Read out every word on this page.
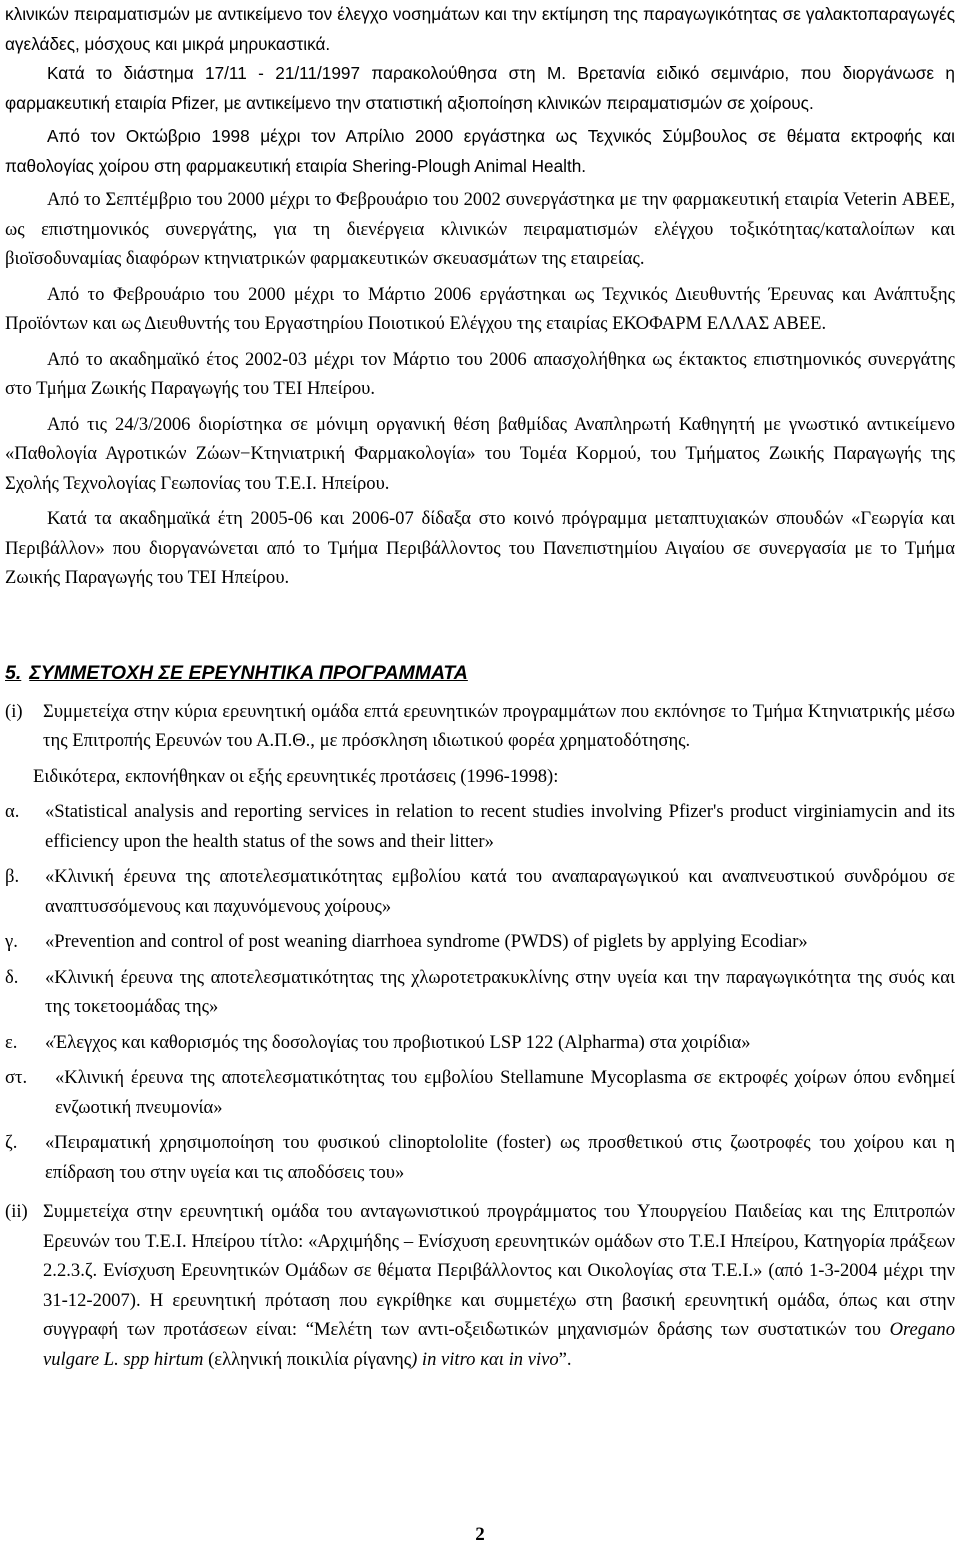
κλινικών πειραματισμών με αντικείμενο τον έλεγχο νοσημάτων και την εκτίμηση της παραγωγικότητας σε γαλακτοπαραγωγές αγελάδες, μόσχους και μικρά μηρυκαστικά.

Κατά το διάστημα 17/11 - 21/11/1997 παρακολούθησα στη Μ. Βρετανία ειδικό σεμινάριο, που διοργάνωσε η φαρμακευτική εταιρία Pfizer, με αντικείμενο την στατιστική αξιοποίηση κλινικών πειραματισμών σε χοίρους.

Από τον Οκτώβριο 1998 μέχρι τον Απρίλιο 2000 εργάστηκα ως Τεχνικός Σύμβουλος σε θέματα εκτροφής και παθολογίας χοίρου στη φαρμακευτική εταιρία Shering-Plough Animal Health.

Από το Σεπτέμβριο του 2000 μέχρι το Φεβρουάριο του 2002 συνεργάστηκα με την φαρμακευτική εταιρία Veterin ΑΒΕΕ, ως επιστημονικός συνεργάτης, για τη διενέργεια κλινικών πειραματισμών ελέγχου τοξικότητας/καταλοίπων και βιοϊσοδυναμίας διαφόρων κτηνιατρικών φαρμακευτικών σκευασμάτων της εταιρείας.

Από το Φεβρουάριο του 2000 μέχρι το Μάρτιο 2006 εργάστηκαι ως Τεχνικός Διευθυντής Έρευνας και Ανάπτυξης Προϊόντων και ως Διευθυντής του Εργαστηρίου Ποιοτικού Ελέγχου της εταιρίας ΕΚΟΦΑΡΜ ΕΛΛΑΣ ΑΒΕΕ.

Από το ακαδημαϊκό έτος 2002-03 μέχρι τον Μάρτιο του 2006 απασχολήθηκα ως έκτακτος επιστημονικός συνεργάτης στο Τμήμα Ζωικής Παραγωγής του ΤΕΙ Ηπείρου.

Από τις 24/3/2006 διορίστηκα σε μόνιμη οργανική θέση βαθμίδας Αναπληρωτή Καθηγητή με γνωστικό αντικείμενο «Παθολογία Αγροτικών Ζώων−Κτηνιατρική Φαρμακολογία» του Τομέα Κορμού, του Τμήματος Ζωικής Παραγωγής της Σχολής Τεχνολογίας Γεωπονίας του Τ.Ε.Ι. Ηπείρου.

Κατά τα ακαδημαϊκά έτη 2005-06 και 2006-07 δίδαξα στο κοινό πρόγραμμα μεταπτυχιακών σπουδών «Γεωργία και Περιβάλλον» που διοργανώνεται από το Τμήμα Περιβάλλοντος του Πανεπιστημίου Αιγαίου σε συνεργασία με το Τμήμα Ζωικής Παραγωγής του ΤΕΙ Ηπείρου.

5. ΣΥΜΜΕΤΟΧΗ ΣΕ ΕΡΕΥΝΗΤΙΚΑ ΠΡΟΓΡΑΜΜΑΤΑ
(i)	Συμμετείχα στην κύρια ερευνητική ομάδα επτά ερευνητικών προγραμμάτων που εκπόνησε το Τμήμα Κτηνιατρικής μέσω της Επιτροπής Ερευνών του Α.Π.Θ., με πρόσκληση ιδιωτικού φορέα χρηματοδότησης.

Ειδικότερα, εκπονήθηκαν οι εξής ερευνητικές προτάσεις (1996-1998):

α.	«Statistical analysis and reporting services in relation to recent studies involving Pfizer's product virginiamycin and its efficiency upon the health status of the sows and their litter»
β.	«Κλινική έρευνα της αποτελεσματικότητας εμβολίου κατά του αναπαραγωγικού και αναπνευστικού συνδρόμου σε αναπτυσσόμενους και παχυνόμενους χοίρους»
γ.	«Prevention and control of post weaning diarrhoea syndrome (PWDS) of piglets by applying Ecodiar»
δ.	«Κλινική έρευνα της αποτελεσματικότητας της χλωροτετρακυκλίνης στην υγεία και την παραγωγικότητα της συός και της τοκετοομάδας της»
ε.	«Έλεγχος και καθορισμός της δοσολογίας του προβιοτικού LSP 122 (Alpharma) στα χοιρίδια»
στ.	«Κλινική έρευνα της αποτελεσματικότητας του εμβολίου Stellamune Mycoplasma σε εκτροφές χοίρων όπου ενδημεί ενζωοτική πνευμονία»
ζ.	«Πειραματική χρησιμοποίηση του φυσικού clinoptololite (foster) ως προσθετικού στις ζωοτροφές του χοίρου και η επίδραση του στην υγεία και τις αποδόσεις του»
(ii) Συμμετείχα στην ερευνητική ομάδα του ανταγωνιστικού προγράμματος του Υπουργείου Παιδείας και της Επιτροπών Ερευνών του Τ.Ε.Ι. Ηπείρου τίτλο: «Αρχιμήδης – Ενίσχυση ερευνητικών ομάδων στο Τ.Ε.Ι Ηπείρου, Κατηγορία πράξεων 2.2.3.ζ. Ενίσχυση Ερευνητικών Ομάδων σε θέματα Περιβάλλοντος και Οικολογίας στα Τ.Ε.Ι.» (από 1-3-2004 μέχρι την 31-12-2007). Η ερευνητική πρόταση που εγκρίθηκε και συμμετέχω στη βασική ερευνητική ομάδα, όπως και στην συγγραφή των προτάσεων είναι: “Μελέτη των αντι-οξειδωτικών μηχανισμών δράσης των συστατικών του Oregano vulgare L. spp hirtum (ελληνική ποικιλία ρίγανης) in vitro και in vivo”.
2
